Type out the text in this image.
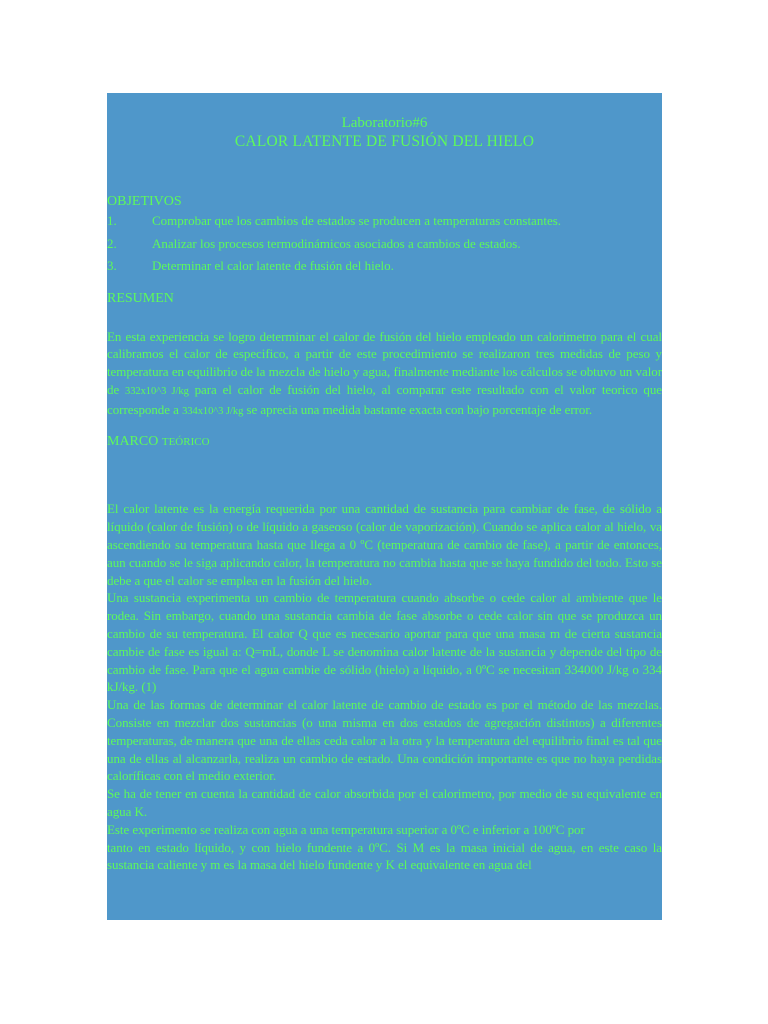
Laboratorio#6
CALOR LATENTE DE FUSIÓN DEL HIELO

OBJETIVOS

1.	Comprobar que los cambios de estados se producen a temperaturas constantes.
2.	Analizar los procesos termodinámicos asociados a cambios de estados.
3.	Determinar el calor latente de fusión del hielo.

RESUMEN

En esta experiencia se logro determinar el calor de fusión del hielo empleado un calorimetro para el cual calibramos el calor de especifico, a partir de este procedimiento se realizaron tres medidas de peso y temperatura en equilibrio de la mezcla de hielo y agua, finalmente mediante los cálculos se obtuvo un valor de 332x10^3 J/kg para el calor de fusión del hielo, al comparar este resultado con el valor teorico que corresponde a 334x10^3 J/kg se aprecia una medida bastante exacta con bajo porcentaje de error.

MARCO TEÓRICO

El calor latente es la energía requerida por una cantidad de sustancia para cambiar de fase, de sólido a líquido (calor de fusión) o de líquido a gaseoso (calor de vaporización). Cuando se aplica calor al hielo, va ascendiendo su temperatura hasta que llega a 0 ºC (temperatura de cambio de fase), a partir de entonces, aun cuando se le siga aplicando calor, la temperatura no cambia hasta que se haya fundido del todo. Esto se debe a que el calor se emplea en la fusión del hielo.

Una sustancia experimenta un cambio de temperatura cuando absorbe o cede calor al ambiente que le rodea. Sin embargo, cuando una sustancia cambia de fase absorbe o cede calor sin que se produzca un cambio de su temperatura. El calor Q que es necesario aportar para que una masa m de cierta sustancia cambie de fase es igual a: Q=mL, donde L se denomina calor latente de la sustancia y depende del tipo de cambio de fase. Para que el agua cambie de sólido (hielo) a líquido, a 0ºC se necesitan 334000 J/kg o 334 kJ/kg. (1)

Una de las formas de determinar el calor latente de cambio de estado es por el método de las mezclas. Consiste en mezclar dos sustancias (o una misma en dos estados de agregación distintos) a diferentes temperaturas, de manera que una de ellas ceda calor a la otra y la temperatura del equilibrio final es tal que una de ellas al alcanzarla, realiza un cambio de estado. Una condición importante es que no haya perdidas caloríficas con el medio exterior.

Se ha de tener en cuenta la cantidad de calor absorbida por el calorimetro, por medio de su equivalente en agua K.

Este experimento se realiza con agua a una temperatura superior a 0ºC e inferior a 100ºC por

tanto en estado líquido, y con hielo fundente a 0ºC. Si M es la masa inicial de agua, en este caso la sustancia caliente y m es la masa del hielo fundente y K el equivalente en agua del
